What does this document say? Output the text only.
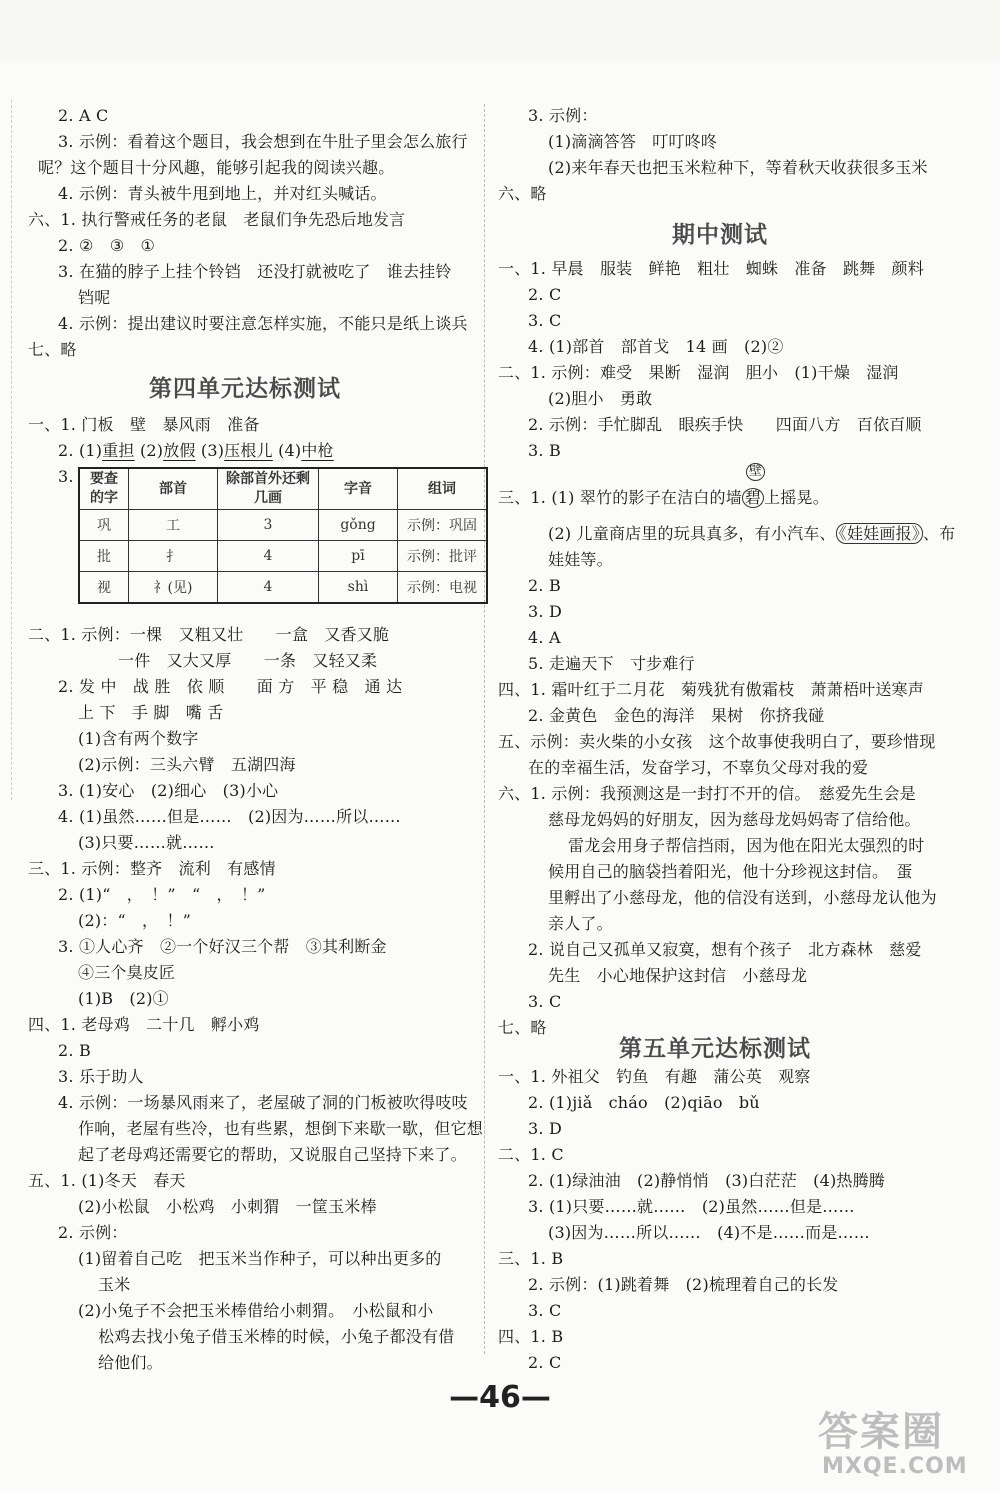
2. A C
3. 示例：看着这个题目，我会想到在牛肚子里会怎么旅行
呢？这个题目十分风趣，能够引起我的阅读兴趣。
4. 示例：青头被牛甩到地上，并对红头喊话。
六、1. 执行警戒任务的老鼠　老鼠们争先恐后地发言
2. ②　③　①
3. 在猫的脖子上挂个铃铛　还没打就被吃了　谁去挂铃
铛呢
4. 示例：提出建议时要注意怎样实施，不能只是纸上谈兵
七、略
第四单元达标测试
一、1. 门板　壁　暴风雨　准备
2. (1)重担 (2)放假 (3)压根儿 (4)中枪
3. 要查的字	部首	除部首外还剩几画	字音	组词
巩	工	3	gǒng	示例：巩固
批	扌	4	pī	示例：批评
视	礻(见)	4	shì	示例：电视
二、1. 示例：一棵　又粗又壮　　一盒　又香又脆
一件　又大又厚　　一条　又轻又柔
2. 发 中　战 胜　依 顺　　面 方　平 稳　通 达
上 下　手 脚　嘴 舌
(1)含有两个数字
(2)示例：三头六臂　五湖四海
3. (1)安心　(2)细心　(3)小心
4. (1)虽然……但是……　(2)因为……所以……
(3)只要……就……
三、1. 示例：整齐　流利　有感情
2. (1)“　，　！”　“　，　！”
(2)：“　，　！”
3. ①人心齐　②一个好汉三个帮　③其利断金
④三个臭皮匠
(1)B　(2)①
四、1. 老母鸡　二十几　孵小鸡
2. B
3. 乐于助人
4. 示例：一场暴风雨来了，老屋破了洞的门板被吹得吱吱
作响，老屋有些冷，也有些累，想倒下来歇一歇，但它想
起了老母鸡还需要它的帮助，又说服自己坚持下来了。
五、1. (1)冬天　春天
(2)小松鼠　小松鸡　小刺猬　一筐玉米棒
2. 示例：
(1)留着自己吃　把玉米当作种子，可以种出更多的
玉米
(2)小兔子不会把玉米棒借给小刺猬。　小松鼠和小
松鸡去找小兔子借玉米棒的时候，小兔子都没有借
给他们。
3. 示例：
(1)滴滴答答　叮叮咚咚
(2)来年春天也把玉米粒种下，等着秋天收获很多玉米
六、略
期中测试
一、1. 早晨　服装　鲜艳　粗壮　蜘蛛　准备　跳舞　颜料
2. C
3. C
4. (1)部首　部首戈　14 画　(2)②
二、1. 示例：难受　果断　湿润　胆小　(1)干燥　湿润
(2)胆小　勇敢
2. 示例：手忙脚乱　眼疾手快　　四面八方　百依百顺
3. B
三、1. (1) 翠竹的影子在洁白的墙 碧
壁
上摇晃。
(2) 儿童商店里的玩具真多，有小汽车、 《娃娃画报》 、布
娃娃等。
2. B
3. D
4. A
5. 走遍天下　寸步难行
四、1. 霜叶红于二月花　菊残犹有傲霜枝　萧萧梧叶送寒声
2. 金黄色　金色的海洋　果树　你挤我碰
五、示例：卖火柴的小女孩　这个故事使我明白了，要珍惜现
在的幸福生活，发奋学习，不辜负父母对我的爱
六、1. 示例：我预测这是一封打不开的信。　慈爱先生会是
慈母龙妈妈的好朋友，因为慈母龙妈妈寄了信给他。
雷龙会用身子帮信挡雨，因为他在阳光太强烈的时
候用自己的脑袋挡着阳光，他十分珍视这封信。　蛋
里孵出了小慈母龙，他的信没有送到，小慈母龙认他为
亲人了。
2. 说自己又孤单又寂寞，想有个孩子　北方森林　慈爱
先生　小心地保护这封信　小慈母龙
3. C
七、略
第五单元达标测试
一、1. 外祖父　钓鱼　有趣　蒲公英　观察
2. (1)jiǎ　cháo　(2)qiāo　bǔ
3. D
二、1. C
2. (1)绿油油　(2)静悄悄　(3)白茫茫　(4)热腾腾
3. (1)只要……就……　(2)虽然……但是……
(3)因为……所以……　(4)不是……而是……
三、1. B
2. 示例：(1)跳着舞　(2)梳理着自己的长发
3. C
四、1. B
2. C
—46—
答案圈
MXQE.COM
